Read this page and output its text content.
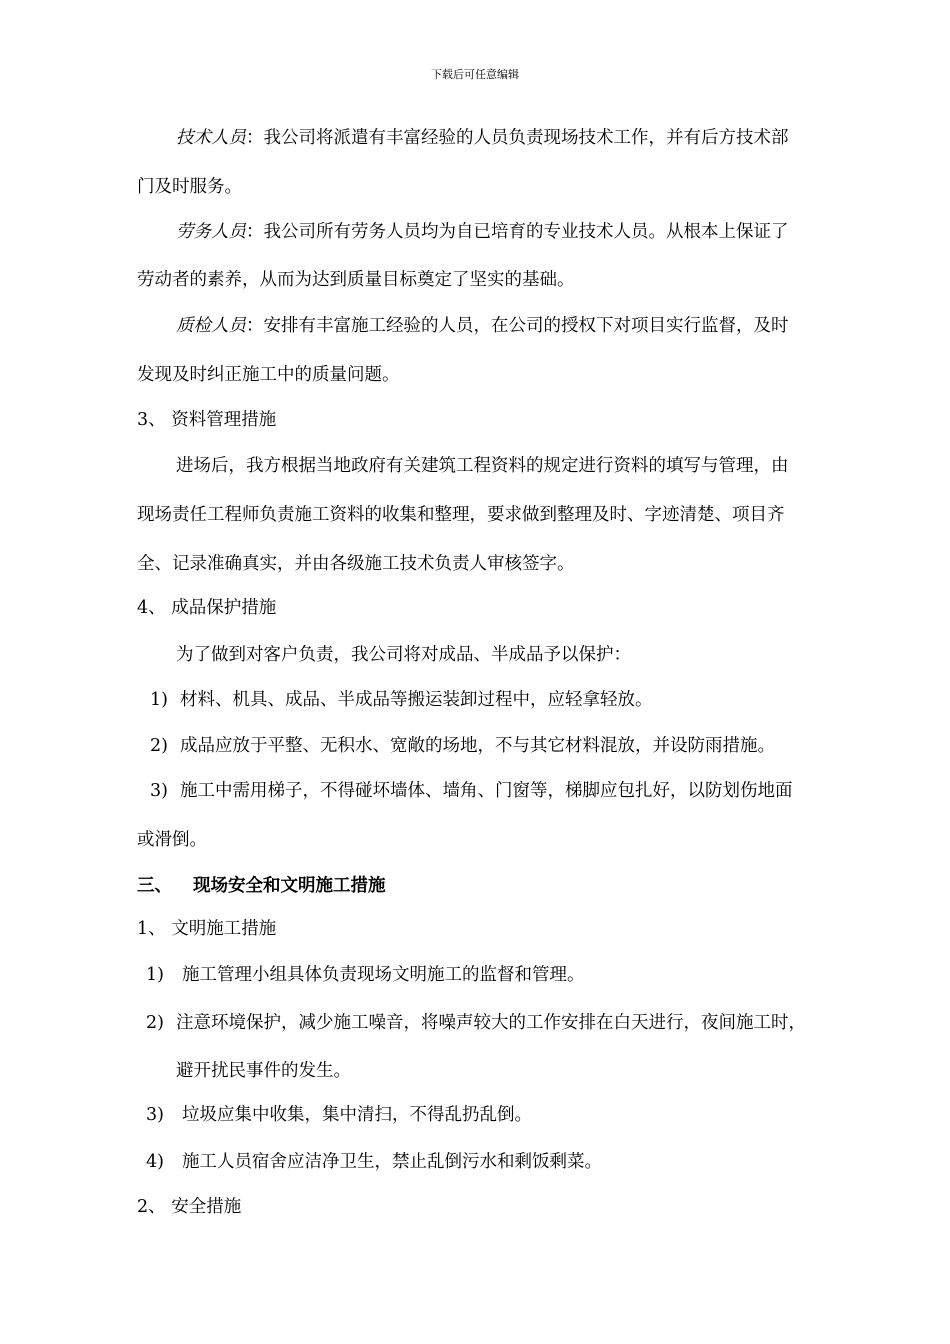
下载后可任意编辑
技术人员：我公司将派遣有丰富经验的人员负责现场技术工作，并有后方技术部
门及时服务。
劳务人员：我公司所有劳务人员均为自已培育的专业技术人员。从根本上保证了
劳动者的素养，从而为达到质量目标奠定了坚实的基础。
质检人员：安排有丰富施工经验的人员，在公司的授权下对项目实行监督，及时
发现及时纠正施工中的质量问题。
3、 资料管理措施
进场后，我方根据当地政府有关建筑工程资料的规定进行资料的填写与管理，由
现场责任工程师负责施工资料的收集和整理，要求做到整理及时、字迹清楚、项目齐
全、记录准确真实，并由各级施工技术负责人审核签字。
4、 成品保护措施
为了做到对客户负责，我公司将对成品、半成品予以保护：
1) 材料、机具、成品、半成品等搬运装卸过程中，应轻拿轻放。
2) 成品应放于平整、无积水、宽敞的场地，不与其它材料混放，并设防雨措施。
3) 施工中需用梯子，不得碰坏墙体、墙角、门窗等，梯脚应包扎好，以防划伤地面
或滑倒。
三、 现场安全和文明施工措施
1、 文明施工措施
1) 施工管理小组具体负责现场文明施工的监督和管理。
2) 注意环境保护，减少施工噪音，将噪声较大的工作安排在白天进行，夜间施工时，
避开扰民事件的发生。
3) 垃圾应集中收集，集中清扫，不得乱扔乱倒。
4) 施工人员宿舍应洁净卫生，禁止乱倒污水和剩饭剩菜。
2、 安全措施
